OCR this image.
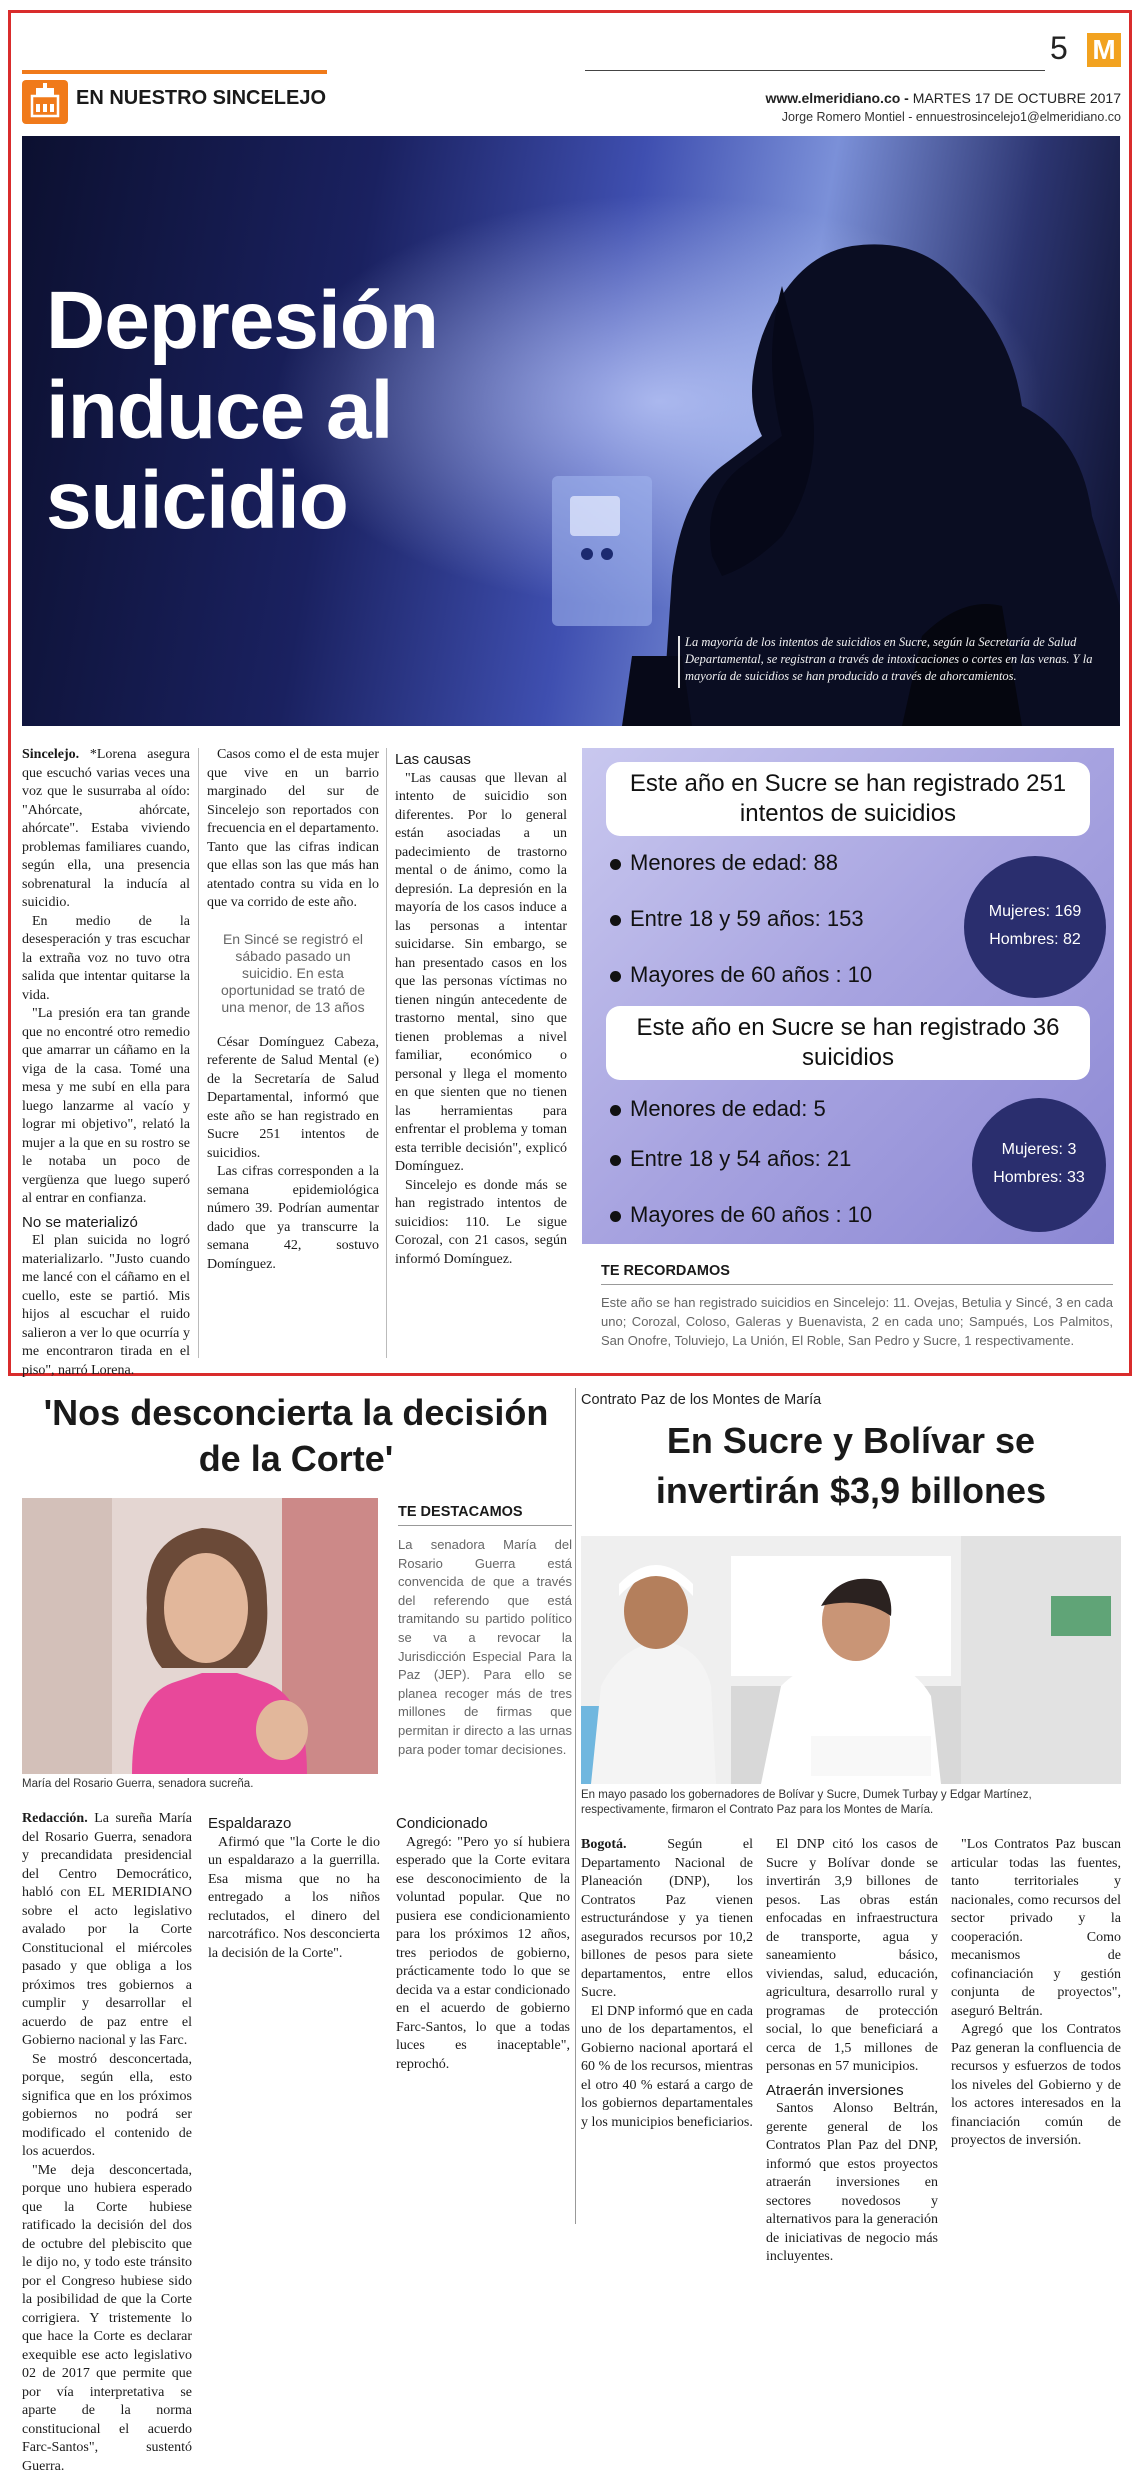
EN NUESTRO SINCELEJO
5 M
www.elmeridiano.co - MARTES 17 DE OCTUBRE 2017
Jorge Romero Montiel - ennuestrosincelejo1@elmeridiano.co
Depresión induce al suicidio
La mayoría de los intentos de suicidios en Sucre, según la Secretaría de Salud Departamental, se registran a través de intoxicaciones o cortes en las venas. Y la mayoría de suicidios se han producido a través de ahorcamientos.

Sincelejo. *Lorena asegura que escuchó varias veces una voz que le susurraba al oído: "Ahórcate, ahórcate, ahórcate". Estaba viviendo problemas familiares cuando, según ella, una presencia sobrenatural la inducía al suicidio.

En medio de la desesperación y tras escuchar la extraña voz no tuvo otra salida que intentar quitarse la vida.

"La presión era tan grande que no encontré otro remedio que amarrar un cáñamo en la viga de la casa. Tomé una mesa y me subí en ella para luego lanzarme al vacío y lograr mi objetivo", relató la mujer a la que en su rostro se le notaba un poco de vergüenza que luego superó al entrar en confianza.

No se materializó

El plan suicida no logró materializarlo. "Justo cuando me lancé con el cáñamo en el cuello, este se partió. Mis hijos al escuchar el ruido salieron a ver lo que ocurría y me encontraron tirada en el piso", narró Lorena.

Casos como el de esta mujer que vive en un barrio marginado del sur de Sincelejo son reportados con frecuencia en el departamento. Tanto que las cifras indican que ellas son las que más han atentado contra su vida en lo que va corrido de este año.

En Sincé se registró el sábado pasado un suicidio. En esta oportunidad se trató de una menor, de 13 años

César Domínguez Cabeza, referente de Salud Mental (e) de la Secretaría de Salud Departamental, informó que este año se han registrado en Sucre 251 intentos de suicidios.

Las cifras corresponden a la semana epidemiológica número 39. Podrían aumentar dado que ya transcurre la semana 42, sostuvo Domínguez.

Las causas

"Las causas que llevan al intento de suicidio son diferentes. Por lo general están asociadas a un padecimiento de trastorno mental o de ánimo, como la depresión. La depresión en la mayoría de los casos induce a las personas a intentar suicidarse. Sin embargo, se han presentado casos en los que las personas víctimas no tienen ningún antecedente de trastorno mental, sino que tienen problemas a nivel familiar, económico o personal y llega el momento en que sienten que no tienen las herramientas para enfrentar el problema y toman esta terrible decisión", explicó Domínguez.

Sincelejo es donde más se han registrado intentos de suicidios: 110. Le sigue Corozal, con 21 casos, según informó Domínguez.

Este año en Sucre se han registrado 251 intentos de suicidios
Menores de edad: 88
Entre 18 y 59 años: 153
Mayores de 60 años : 10
Mujeres: 169
Hombres: 82
Este año en Sucre se han registrado 36 suicidios
Menores de edad: 5
Entre 18 y 54 años: 21
Mayores de 60 años : 10
Mujeres: 3
Hombres: 33
TE RECORDAMOS
Este año se han registrado suicidios en Sincelejo: 11. Ovejas, Betulia y Sincé, 3 en cada uno; Corozal, Coloso, Galeras y Buenavista, 2 en cada uno; Sampués, Los Palmitos, San Onofre, Toluviejo, La Unión, El Roble, San Pedro y Sucre, 1 respectivamente.
'Nos desconcierta la decisión de la Corte'
María del Rosario Guerra, senadora sucreña.
TE DESTACAMOS
La senadora María del Rosario Guerra está convencida de que a través del referendo que está tramitando su partido político se va a revocar la Jurisdicción Especial Para la Paz (JEP). Para ello se planea recoger más de tres millones de firmas que permitan ir directo a las urnas para poder tomar decisiones.

Redacción. La sureña María del Rosario Guerra, senadora y precandidata presidencial del Centro Democrático, habló con EL MERIDIANO sobre el acto legislativo avalado por la Corte Constitucional el miércoles pasado y que obliga a los próximos tres gobiernos a cumplir y desarrollar el acuerdo de paz entre el Gobierno nacional y las Farc.

Se mostró desconcertada, porque, según ella, esto significa que en los próximos gobiernos no podrá ser modificado el contenido de los acuerdos.

"Me deja desconcertada, porque uno hubiera esperado que la Corte hubiese ratificado la decisión del dos de octubre del plebiscito que le dijo no, y todo este tránsito por el Congreso hubiese sido la posibilidad de que la Corte corrigiera. Y tristemente lo que hace la Corte es declarar exequible ese acto legislativo 02 de 2017 que permite que por vía interpretativa se aparte de la norma constitucional el acuerdo Farc-Santos", sustentó Guerra.

Espaldarazo

Afirmó que "la Corte le dio un espaldarazo a la guerrilla. Esa misma que no ha entregado a los niños reclutados, el dinero del narcotráfico. Nos desconcierta la decisión de la Corte".

Condicionado

Agregó: "Pero yo sí hubiera esperado que la Corte evitara ese desconocimiento de la voluntad popular. Que no pusiera ese condicionamiento para los próximos 12 años, tres periodos de gobierno, prácticamente todo lo que se decida va a estar condicionado en el acuerdo de gobierno Farc-Santos, lo que a todas luces es inaceptable", reprochó.

Contrato Paz de los Montes de María
En Sucre y Bolívar se invertirán $3,9 billones
En mayo pasado los gobernadores de Bolívar y Sucre, Dumek Turbay y Edgar Martínez, respectivamente, firmaron el Contrato Paz para los Montes de María.

Bogotá.	Según el Departamento Nacional de Planeación (DNP), los Contratos Paz vienen estructurándose y ya tienen asegurados recursos por 10,2 billones de pesos para siete departamentos, entre ellos Sucre.

El DNP informó que en cada uno de los departamentos, el Gobierno nacional aportará el 60 % de los recursos, mientras el otro 40 % estará a cargo de los gobiernos departamentales y los municipios beneficiarios.

El DNP citó los casos de Sucre y Bolívar donde se invertirán 3,9 billones de pesos. Las obras están enfocadas en infraestructura de transporte, agua y saneamiento básico, viviendas, salud, educación, agricultura, desarrollo rural y programas de protección social, lo que beneficiará a cerca de 1,5 millones de personas en 57 municipios.

Atraerán inversiones

Santos Alonso Beltrán, gerente general de los Contratos Plan Paz del DNP, informó que estos proyectos atraerán inversiones en sectores novedosos y alternativos para la generación de iniciativas de negocio más incluyentes.

"Los Contratos Paz buscan articular todas las fuentes, tanto territoriales y nacionales, como recursos del sector privado y la cooperación. Como mecanismos de cofinanciación y gestión conjunta de proyectos", aseguró Beltrán.

Agregó que los Contratos Paz generan la confluencia de recursos y esfuerzos de todos los niveles del Gobierno y de los actores interesados en la financiación común de proyectos de inversión.
